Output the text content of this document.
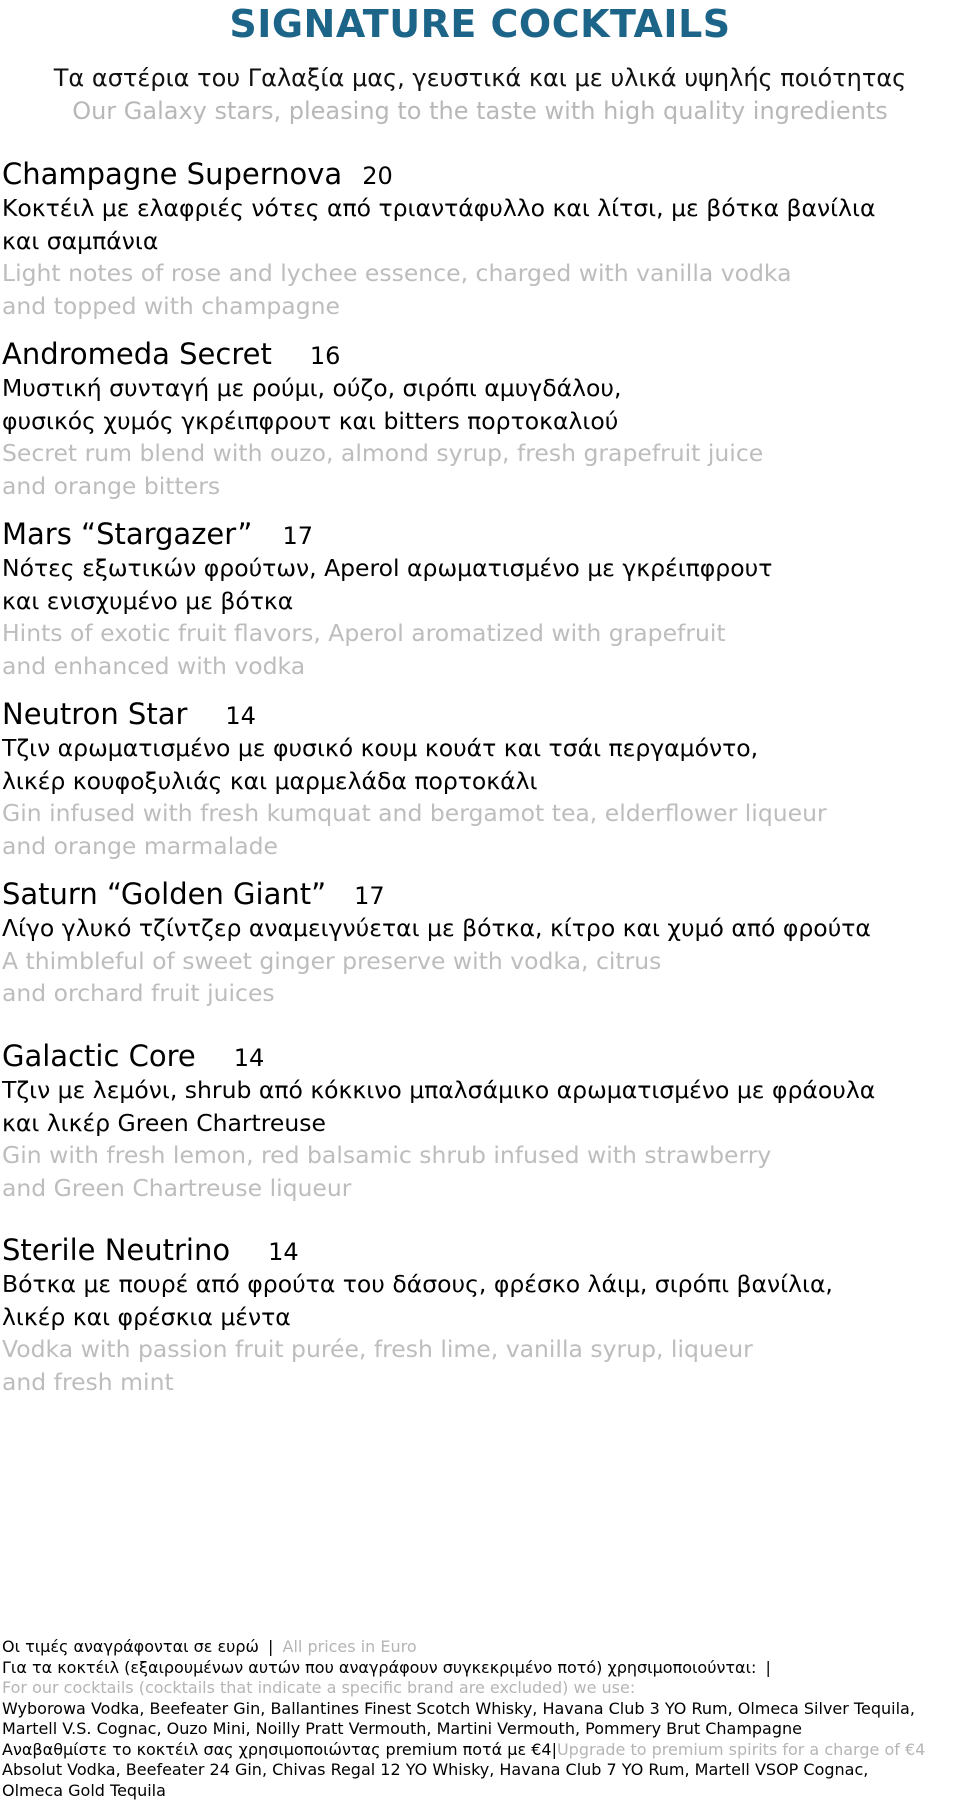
SIGNATURE COCKTAILS
Τα αστέρια του Γαλαξία μας, γευστικά και με υλικά υψηλής ποιότητας
Our Galaxy stars, pleasing to the taste with high quality ingredients
Champagne Supernova 20
Κοκτέιλ με ελαφριές νότες από τριαντάφυλλο και λίτσι, με βότκα βανίλια
και σαμπάνια
Light notes of rose and lychee essence, charged with vanilla vodka
and topped with champagne
Andromeda Secret 16
Μυστική συνταγή με ρούμι, ούζο, σιρόπι αμυγδάλου,
φυσικός χυμός γκρέιπφρουτ και bitters πορτοκαλιού
Secret rum blend with ouzo, almond syrup, fresh grapefruit juice
and orange bitters
Mars “Stargazer” 17
Νότες εξωτικών φρούτων, Aperol αρωματισμένο με γκρέιπφρουτ
και ενισχυμένο με βότκα
Hints of exotic fruit flavors, Aperol aromatized with grapefruit
and enhanced with vodka
Neutron Star 14
Τζιν αρωματισμένο με φυσικό κουμ κουάτ και τσάι περγαμόντο,
λικέρ κουφοξυλιάς και μαρμελάδα πορτοκάλι
Gin infused with fresh kumquat and bergamot tea, elderflower liqueur
and orange marmalade
Saturn “Golden Giant” 17
Λίγο γλυκό τζίντζερ αναμειγνύεται με βότκα, κίτρο και χυμό από φρούτα
A thimbleful of sweet ginger preserve with vodka, citrus
and orchard fruit juices
Galactic Core 14
Τζιν με λεμόνι, shrub από κόκκινο μπαλσάμικο αρωματισμένο με φράουλα
και λικέρ Green Chartreuse
Gin with fresh lemon, red balsamic shrub infused with strawberry
and Green Chartreuse liqueur
Sterile Neutrino 14
Βότκα με πουρέ από φρούτα του δάσους, φρέσκο λάιμ, σιρόπι βανίλια,
λικέρ και φρέσκια μέντα
Vodka with passion fruit purée, fresh lime, vanilla syrup, liqueur
and fresh mint
Οι τιμές αναγράφονται σε ευρώ | All prices in Euro
Για τα κοκτέιλ (εξαιρουμένων αυτών που αναγράφουν συγκεκριμένο ποτό) χρησιμοποιούνται: |
For our cocktails (cocktails that indicate a specific brand are excluded) we use:
Wyborowa Vodka, Beefeater Gin, Ballantines Finest Scotch Whisky, Havana Club 3 YO Rum, Olmeca Silver Tequila,
Martell V.S. Cognac, Ouzo Mini, Noilly Pratt Vermouth, Martini Vermouth, Pommery Brut Champagne
Αναβαθμίστε το κοκτέιλ σας χρησιμοποιώντας premium ποτά με €4|Upgrade to premium spirits for a charge of €4
Absolut Vodka, Beefeater 24 Gin, Chivas Regal 12 YO Whisky, Havana Club 7 YO Rum, Martell VSOP Cognac,
Olmeca Gold Tequila
